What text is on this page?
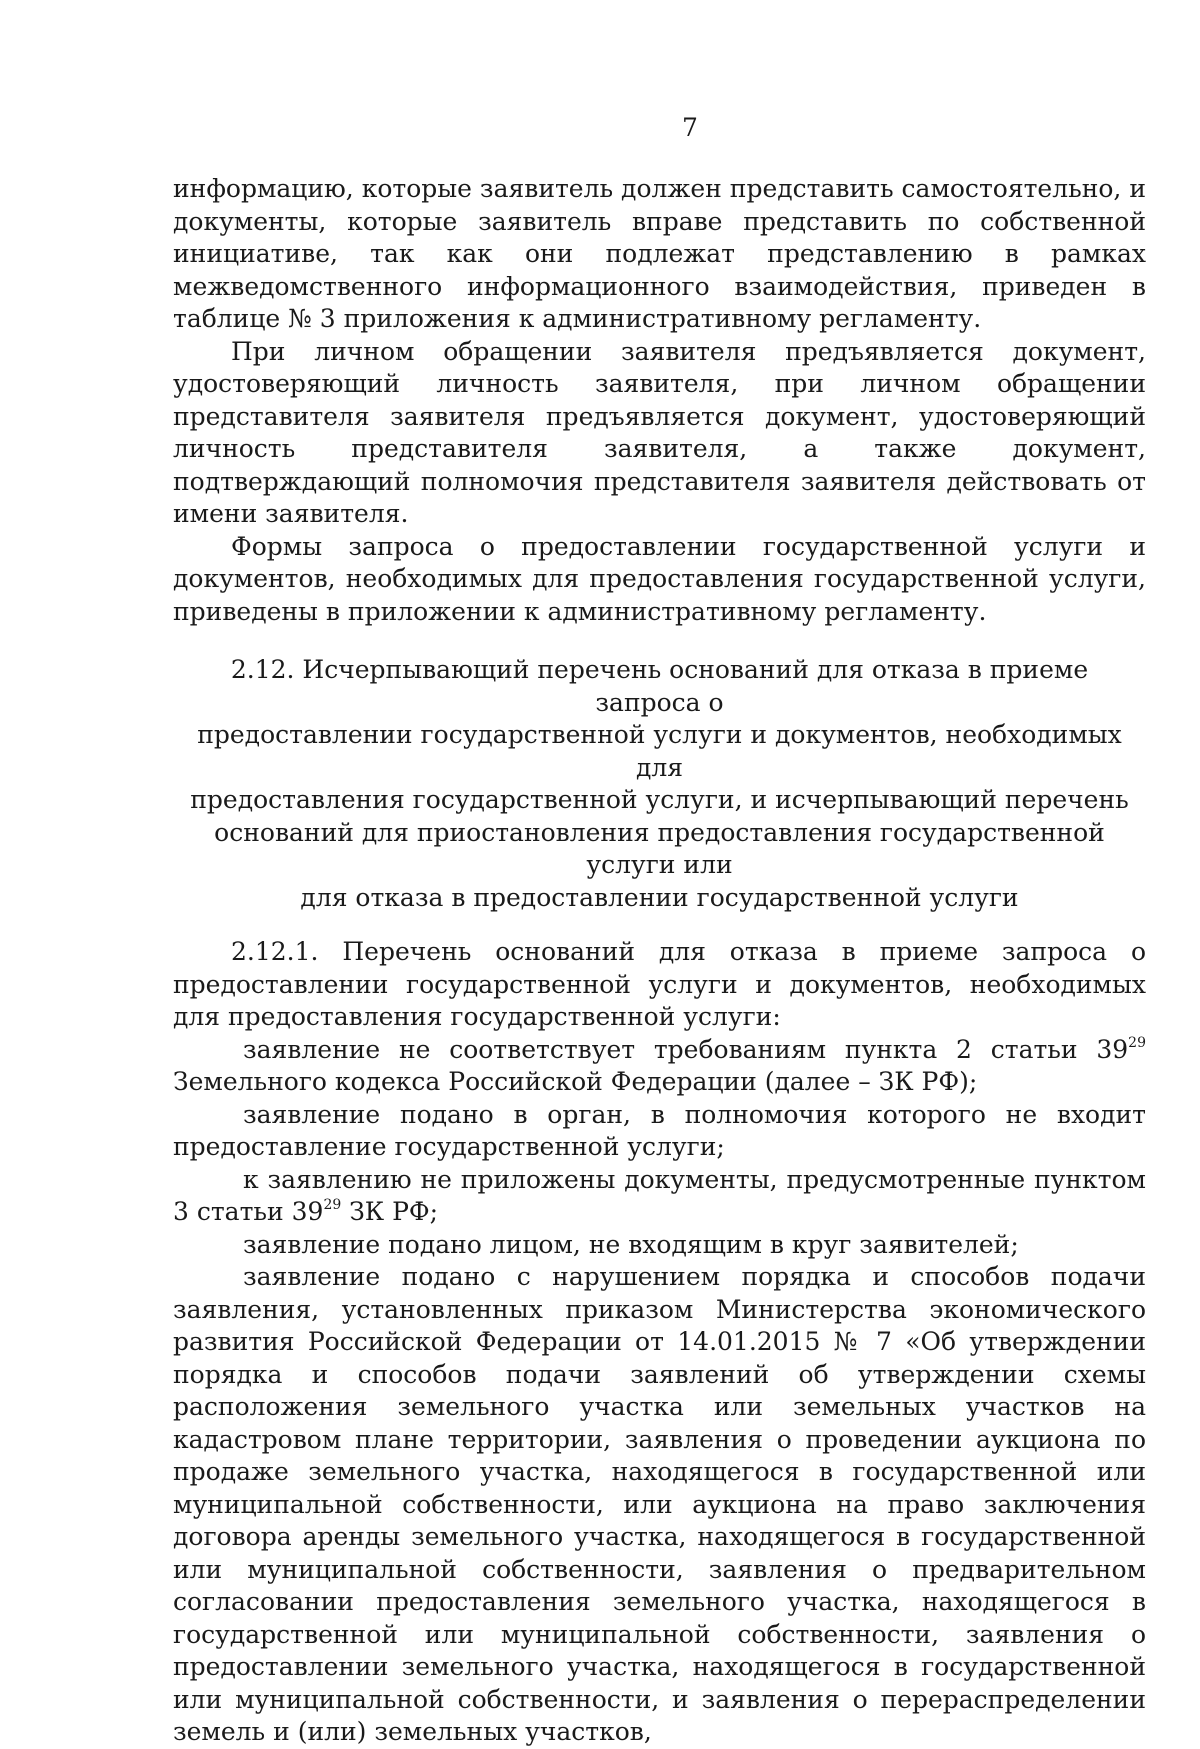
7

информацию, которые заявитель должен представить самостоятельно, и документы, которые заявитель вправе представить по собственной инициативе, так как они подлежат представлению в рамках межведомственного информационного взаимодействия, приведен в таблице № 3 приложения к административному регламенту.

При личном обращении заявителя предъявляется документ, удостоверяющий личность заявителя, при личном обращении представителя заявителя предъявляется документ, удостоверяющий личность представителя заявителя, а также документ, подтверждающий полномочия представителя заявителя действовать от имени заявителя.

Формы запроса о предоставлении государственной услуги и документов, необходимых для предоставления государственной услуги, приведены в приложении к административному регламенту.

2.12. Исчерпывающий перечень оснований для отказа в приеме запроса о
предоставлении государственной услуги и документов, необходимых для
предоставления государственной услуги, и исчерпывающий перечень
оснований для приостановления предоставления государственной услуги или
для отказа в предоставлении государственной услуги

2.12.1. Перечень оснований для отказа в приеме запроса о предоставлении государственной услуги и документов, необходимых для предоставления государственной услуги:

заявление не соответствует требованиям пункта 2 статьи $39^{29}$ Земельного кодекса Российской Федерации (далее – ЗК РФ);

заявление подано в орган, в полномочия которого не входит предоставление государственной услуги;

к заявлению не приложены документы, предусмотренные пунктом 3 статьи $39^{29}$ ЗК РФ;

заявление подано лицом, не входящим в круг заявителей;

заявление подано с нарушением порядка и способов подачи заявления, установленных приказом Министерства экономического развития Российской Федерации от 14.01.2015 № 7 «Об утверждении порядка и способов подачи заявлений об утверждении схемы расположения земельного участка или земельных участков на кадастровом плане территории, заявления о проведении аукциона по продаже земельного участка, находящегося в государственной или муниципальной собственности, или аукциона на право заключения договора аренды земельного участка, находящегося в государственной или муниципальной собственности, заявления о предварительном согласовании предоставления земельного участка, находящегося в государственной или муниципальной собственности, заявления о предоставлении земельного участка, находящегося в государственной или муниципальной собственности, и заявления о перераспределении земель и (или) земельных участков,
